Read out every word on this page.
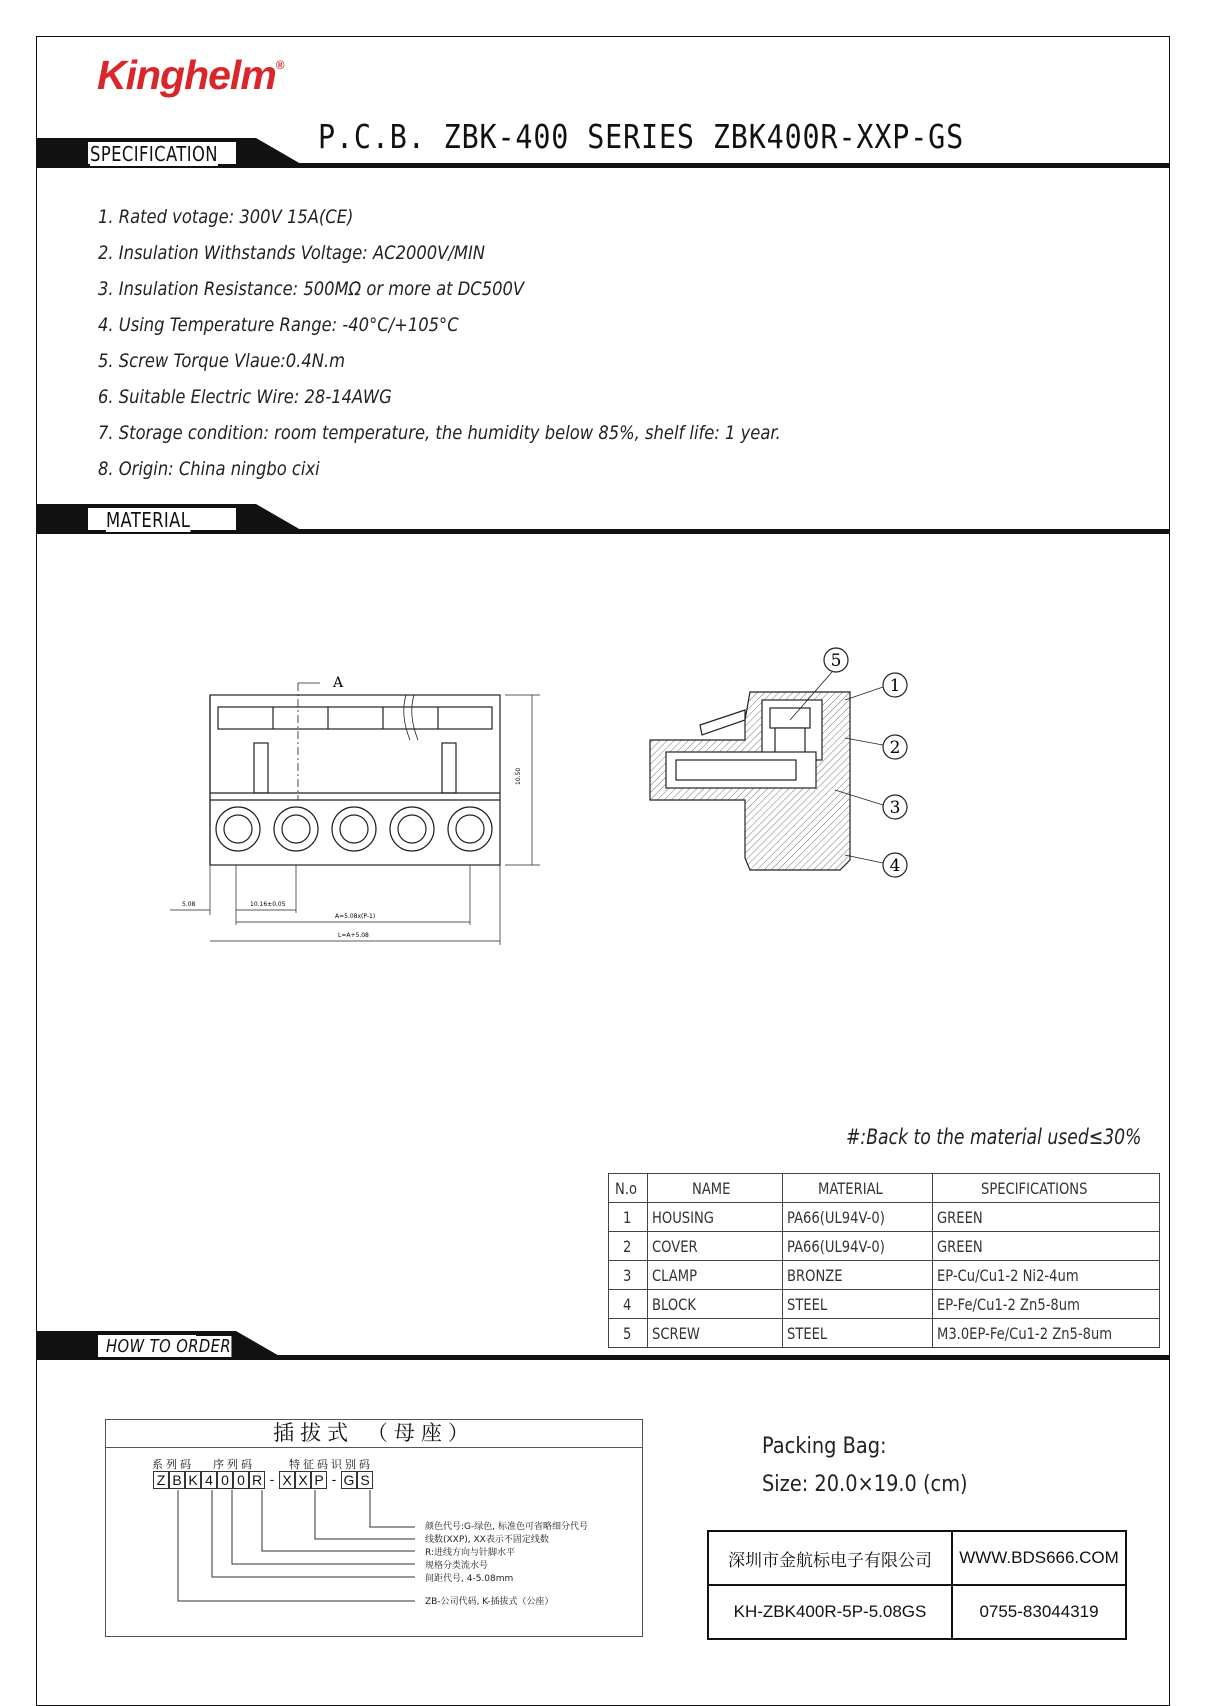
Kinghelm®
P.C.B. ZBK-400 SERIES ZBK400R-XXP-GS
SPECIFICATION
1. Rated votage: 300V 15A(CE)
2. Insulation Withstands Voltage: AC2000V/MIN
3. Insulation Resistance: 500MΩ or more at DC500V
4. Using Temperature Range: -40°C/+105°C
5. Screw Torque Vlaue:0.4N.m
6. Suitable Electric Wire: 28-14AWG
7. Storage condition: room temperature, the humidity below 85%, shelf life: 1 year.
8. Origin: China ningbo cixi
MATERIAL
A
10.50
5.08	10.16±0.05
A=5.08x(P-1)
L=A+5.08
5
1
2
3
4
#:Back to the material used≤30%
N.o	NAME	MATERIAL	SPECIFICATIONS
1	HOUSING	PA66(UL94V-0)	GREEN
2	COVER	PA66(UL94V-0)	GREEN
3	CLAMP	BRONZE	EP-Cu/Cu1-2 Ni2-4um
4	BLOCK	STEEL	EP-Fe/Cu1-2 Zn5-8um
5	SCREW	STEEL	M3.0EP-Fe/Cu1-2 Zn5-8um
HOW TO ORDER
插拔式 （母座）
系列码 序列码	特征码识别码
Z B K 4 0 0 R - X X P - G S
颜色代号:G-绿色, 标准色可省略细分代号
线数(XXP), XX表示不固定线数
R:进线方向与针脚水平
规格分类流水号
间距代号, 4-5.08mm
ZB-公司代码, K-插拔式（公座）
Packing Bag:
Size: 20.0×19.0 (cm)
深圳市金航标电子有限公司	WWW.BDS666.COM
KH-ZBK400R-5P-5.08GS	0755-83044319
